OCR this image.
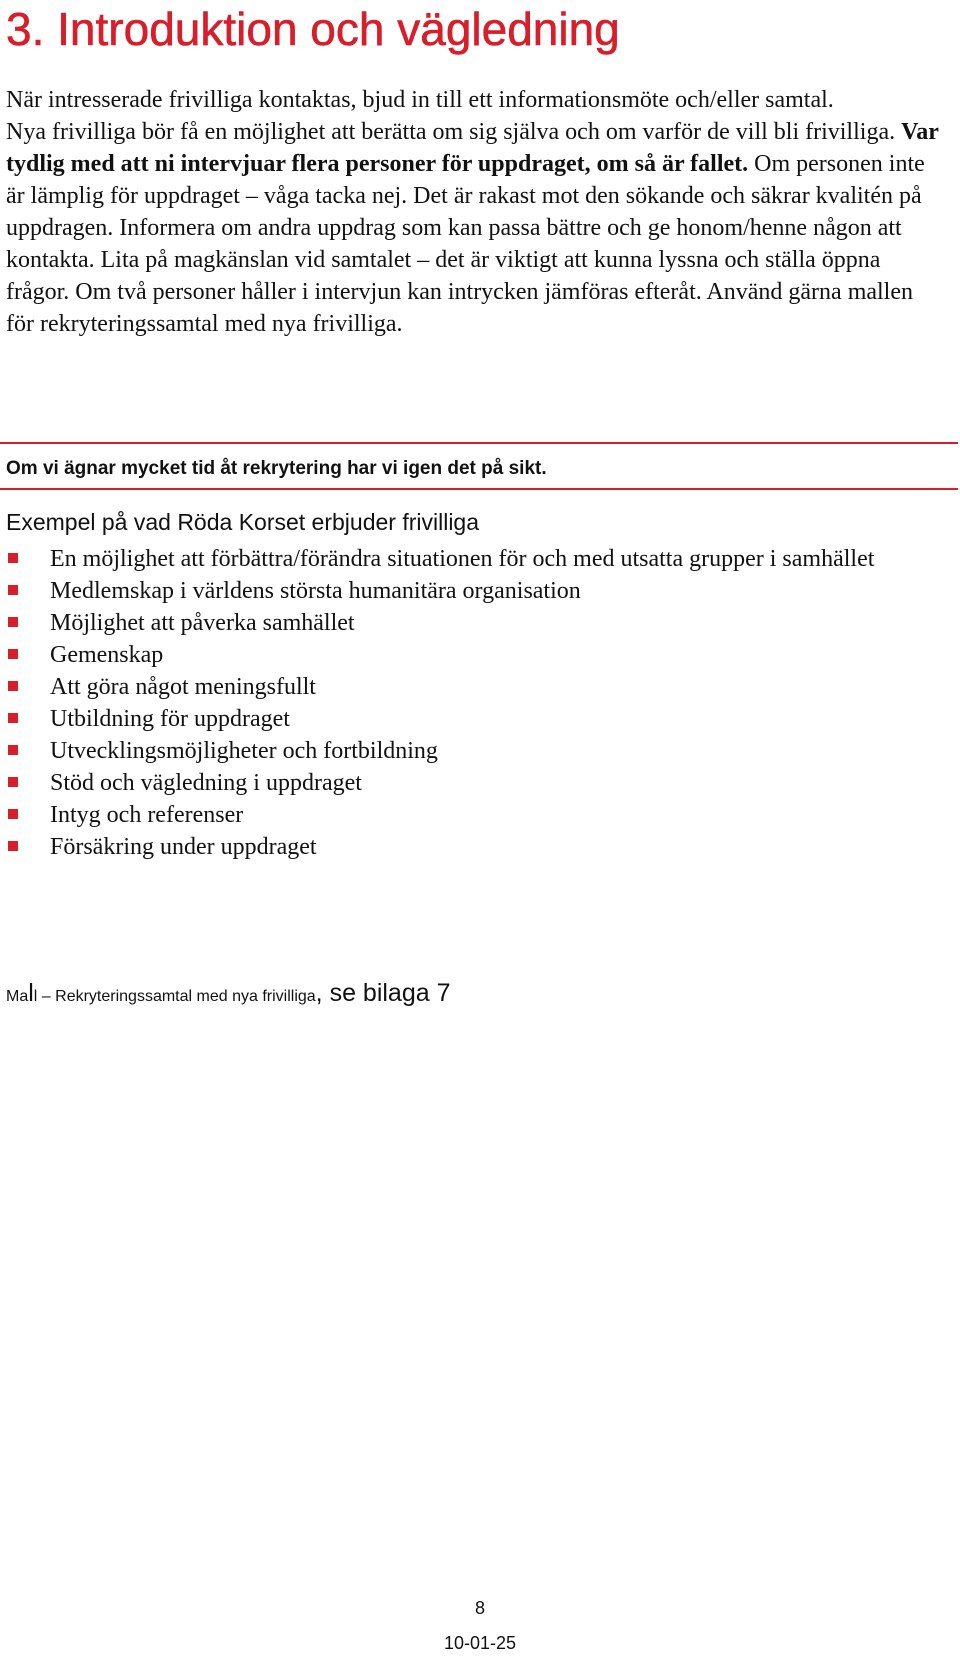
3. Introduktion och vägledning

När intresserade frivilliga kontaktas, bjud in till ett informationsmöte och/eller samtal.
Nya frivilliga bör få en möjlighet att berätta om sig själva och om varför de vill bli frivilliga. Var tydlig med att ni intervjuar flera personer för uppdraget, om så är fallet. Om personen inte är lämplig för uppdraget – våga tacka nej. Det är rakast mot den sökande och säkrar kvalitén på uppdragen. Informera om andra uppdrag som kan passa bättre och ge honom/henne någon att kontakta. Lita på magkänslan vid samtalet – det är viktigt att kunna lyssna och ställa öppna frågor. Om två personer håller i intervjun kan intrycken jämföras efteråt. Använd gärna mallen för rekryteringssamtal med nya frivilliga.

Om vi ägnar mycket tid åt rekrytering har vi igen det på sikt.

Exempel på vad Röda Korset erbjuder frivilliga
En möjlighet att förbättra/förändra situationen för och med utsatta grupper i samhället
Medlemskap i världens största humanitära organisation
Möjlighet att påverka samhället
Gemenskap
Att göra något meningsfullt
Utbildning för uppdraget
Utvecklingsmöjligheter och fortbildning
Stöd och vägledning i uppdraget
Intyg och referenser
Försäkring under uppdraget

Mall – Rekryteringssamtal med nya frivilliga, se bilaga 7

8

10-01-25
